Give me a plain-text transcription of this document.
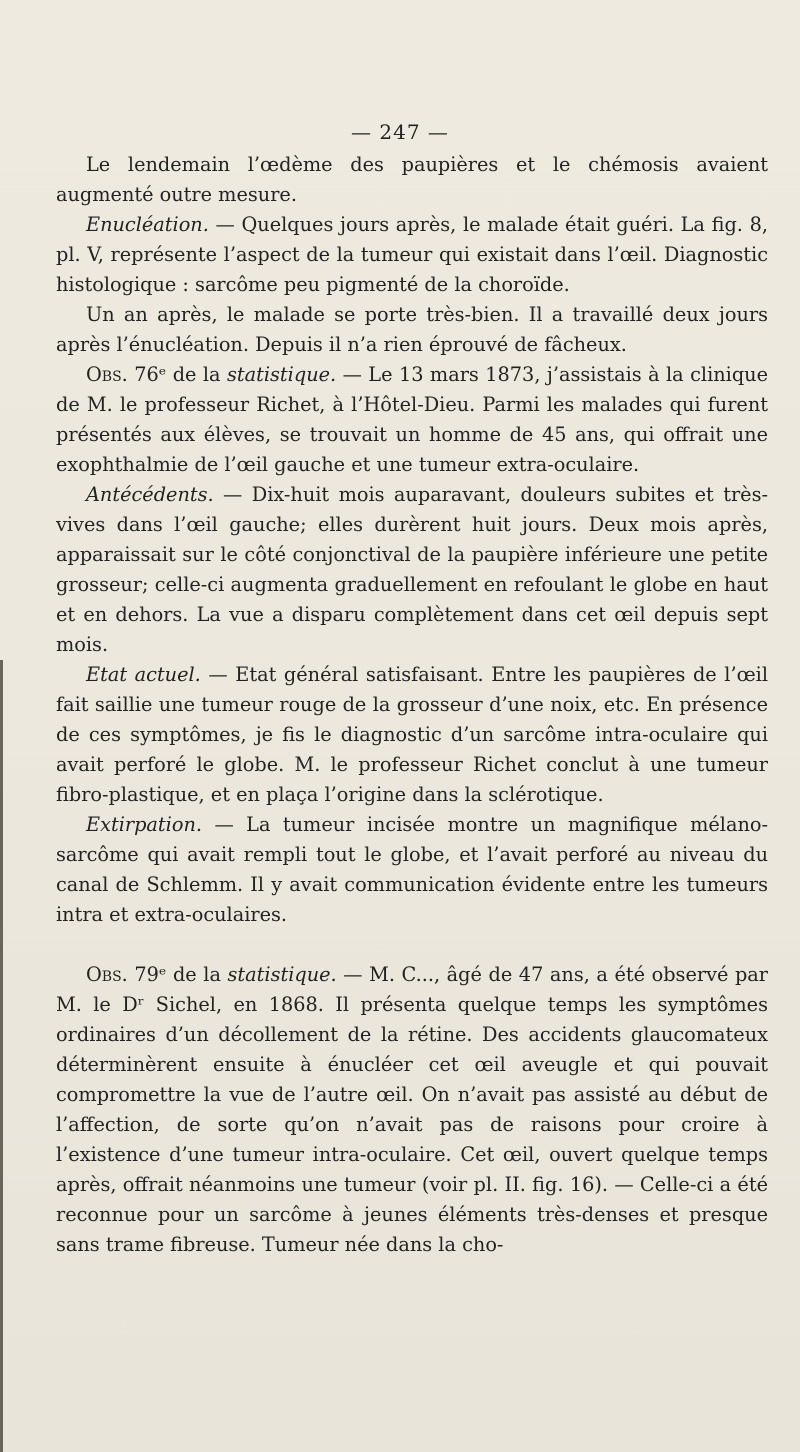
— 247 —

Le lendemain l’œdème des paupières et le chémosis avaient augmenté outre mesure.

Enucléation. — Quelques jours après, le malade était guéri. La fig. 8, pl. V, représente l’aspect de la tumeur qui existait dans l’œil. Diagnostic histologique : sarcôme peu pigmenté de la choroïde.

Un an après, le malade se porte très-bien. Il a travaillé deux jours après l’énucléation. Depuis il n’a rien éprouvé de fâcheux.

Obs. 76ᵉ de la statistique. — Le 13 mars 1873, j’assistais à la clinique de M. le professeur Richet, à l’Hôtel-Dieu. Parmi les malades qui furent présentés aux élèves, se trouvait un homme de 45 ans, qui offrait une exophthalmie de l’œil gauche et une tumeur extra-oculaire.

Antécédents. — Dix-huit mois auparavant, douleurs subites et très-vives dans l’œil gauche; elles durèrent huit jours. Deux mois après, apparaissait sur le côté conjonctival de la paupière inférieure une petite grosseur; celle-ci augmenta graduellement en refoulant le globe en haut et en dehors. La vue a disparu complètement dans cet œil depuis sept mois.

Etat actuel. — Etat général satisfaisant. Entre les paupières de l’œil fait saillie une tumeur rouge de la grosseur d’une noix, etc. En présence de ces symptômes, je fis le diagnostic d’un sarcôme intra-oculaire qui avait perforé le globe. M. le professeur Richet conclut à une tumeur fibro-plastique, et en plaça l’origine dans la sclérotique.

Extirpation. — La tumeur incisée montre un magnifique mélano-sarcôme qui avait rempli tout le globe, et l’avait perforé au niveau du canal de Schlemm. Il y avait communication évidente entre les tumeurs intra et extra-oculaires.

Obs. 79ᵉ de la statistique. — M. C..., âgé de 47 ans, a été observé par M. le Dʳ Sichel, en 1868. Il présenta quelque temps les symptômes ordinaires d’un décollement de la rétine. Des accidents glaucomateux déterminèrent ensuite à énucléer cet œil aveugle et qui pouvait compromettre la vue de l’autre œil. On n’avait pas assisté au début de l’affection, de sorte qu’on n’avait pas de raisons pour croire à l’existence d’une tumeur intra-oculaire. Cet œil, ouvert quelque temps après, offrait néanmoins une tumeur (voir pl. II. fig. 16). — Celle-ci a été reconnue pour un sarcôme à jeunes éléments très-denses et presque sans trame fibreuse. Tumeur née dans la cho-
